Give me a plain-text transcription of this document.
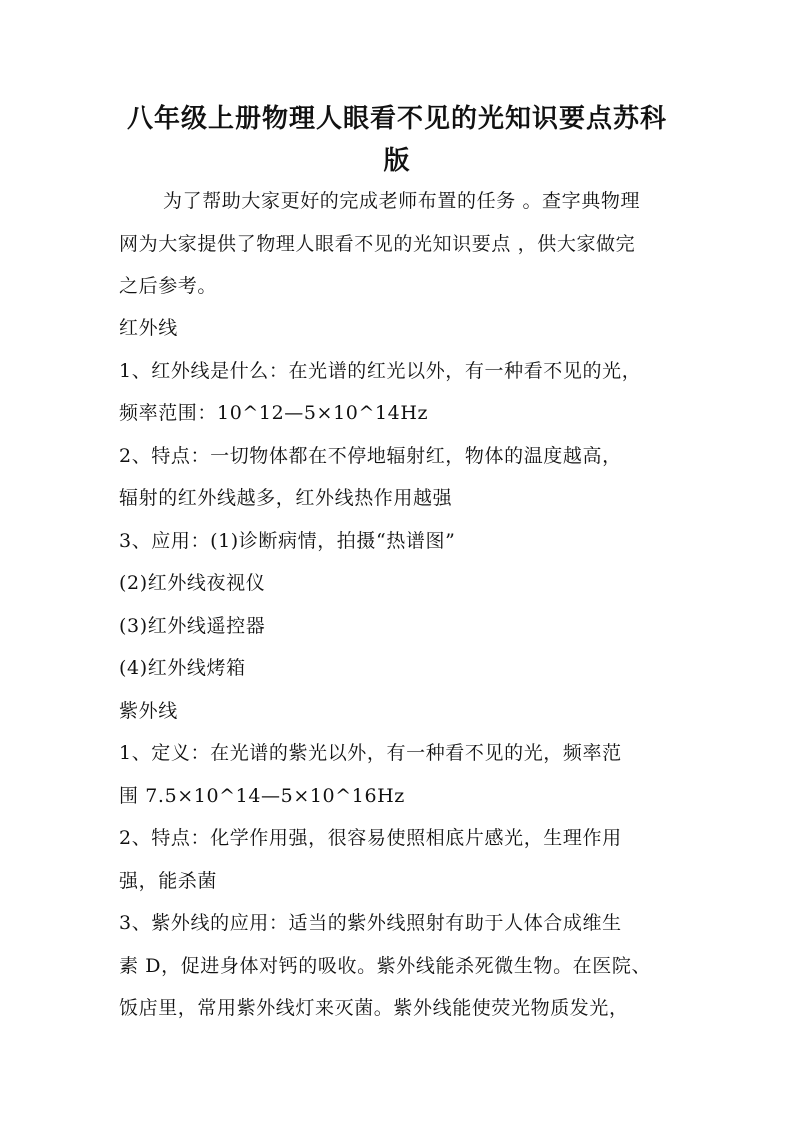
八年级上册物理人眼看不见的光知识要点苏科
版
为了帮助大家更好的完成老师布置的任务 。查字典物理
网为大家提供了物理人眼看不见的光知识要点 ，供大家做完
之后参考。
红外线
1、红外线是什么：在光谱的红光以外，有一种看不见的光，
频率范围：10^12—5×10^14Hz
2、特点：一切物体都在不停地辐射红，物体的温度越高，
辐射的红外线越多，红外线热作用越强
3、应用：(1)诊断病情，拍摄“热谱图”
(2)红外线夜视仪
(3)红外线遥控器
(4)红外线烤箱
紫外线
1、定义：在光谱的紫光以外，有一种看不见的光，频率范
围 7.5×10^14—5×10^16Hz
2、特点：化学作用强，很容易使照相底片感光，生理作用
强，能杀菌
3、紫外线的应用：适当的紫外线照射有助于人体合成维生
素 D，促进身体对钙的吸收。紫外线能杀死微生物。在医院、
饭店里，常用紫外线灯来灭菌。紫外线能使荧光物质发光，
